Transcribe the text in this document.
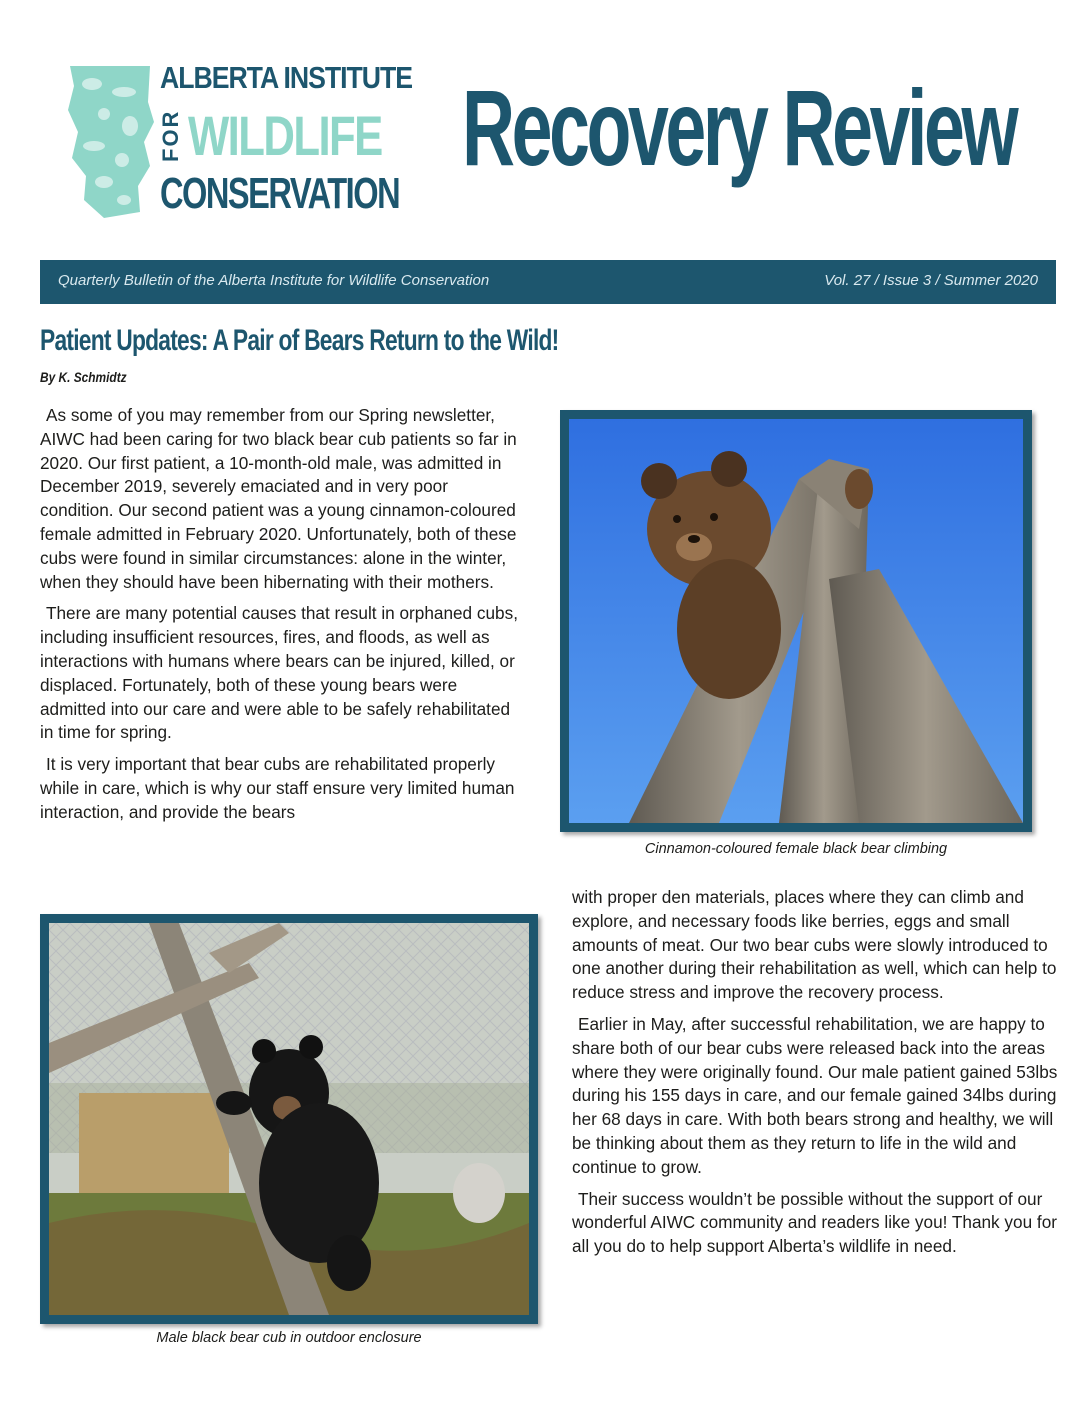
ALBERTA INSTITUTE
FOR WILDLIFE
CONSERVATION
Recovery Review
Quarterly Bulletin of the Alberta Institute for Wildlife Conservation	Vol. 27 / Issue 3 / Summer 2020
Patient Updates: A Pair of Bears Return to the Wild!
By K. Schmidtz

As some of you may remember from our Spring newsletter, AIWC had been caring for two black bear cub patients so far in 2020. Our first patient, a 10-month-old male, was admitted in December 2019, severely emaciated and in very poor condition. Our second patient was a young cinnamon-coloured female admitted in February 2020. Unfortunately, both of these cubs were found in similar circumstances: alone in the winter, when they should have been hibernating with their mothers.

There are many potential causes that result in orphaned cubs, including insufficient resources, fires, and floods, as well as interactions with humans where bears can be injured, killed, or displaced. Fortunately, both of these young bears were admitted into our care and were able to be safely rehabilitated in time for spring.

It is very important that bear cubs are rehabilitated properly while in care, which is why our staff ensure very limited human interaction, and provide the bears

Cinnamon-coloured female black bear climbing
Male black bear cub in outdoor enclosure

with proper den materials, places where they can climb and explore, and necessary foods like berries, eggs and small amounts of meat. Our two bear cubs were slowly introduced to one another during their rehabilitation as well, which can help to reduce stress and improve the recovery process.

Earlier in May, after successful rehabilitation, we are happy to share both of our bear cubs were released back into the areas where they were originally found. Our male patient gained 53lbs during his 155 days in care, and our female gained 34lbs during her 68 days in care. With both bears strong and healthy, we will be thinking about them as they return to life in the wild and continue to grow.

Their success wouldn’t be possible without the support of our wonderful AIWC community and readers like you! Thank you for all you do to help support Alberta’s wildlife in need.
